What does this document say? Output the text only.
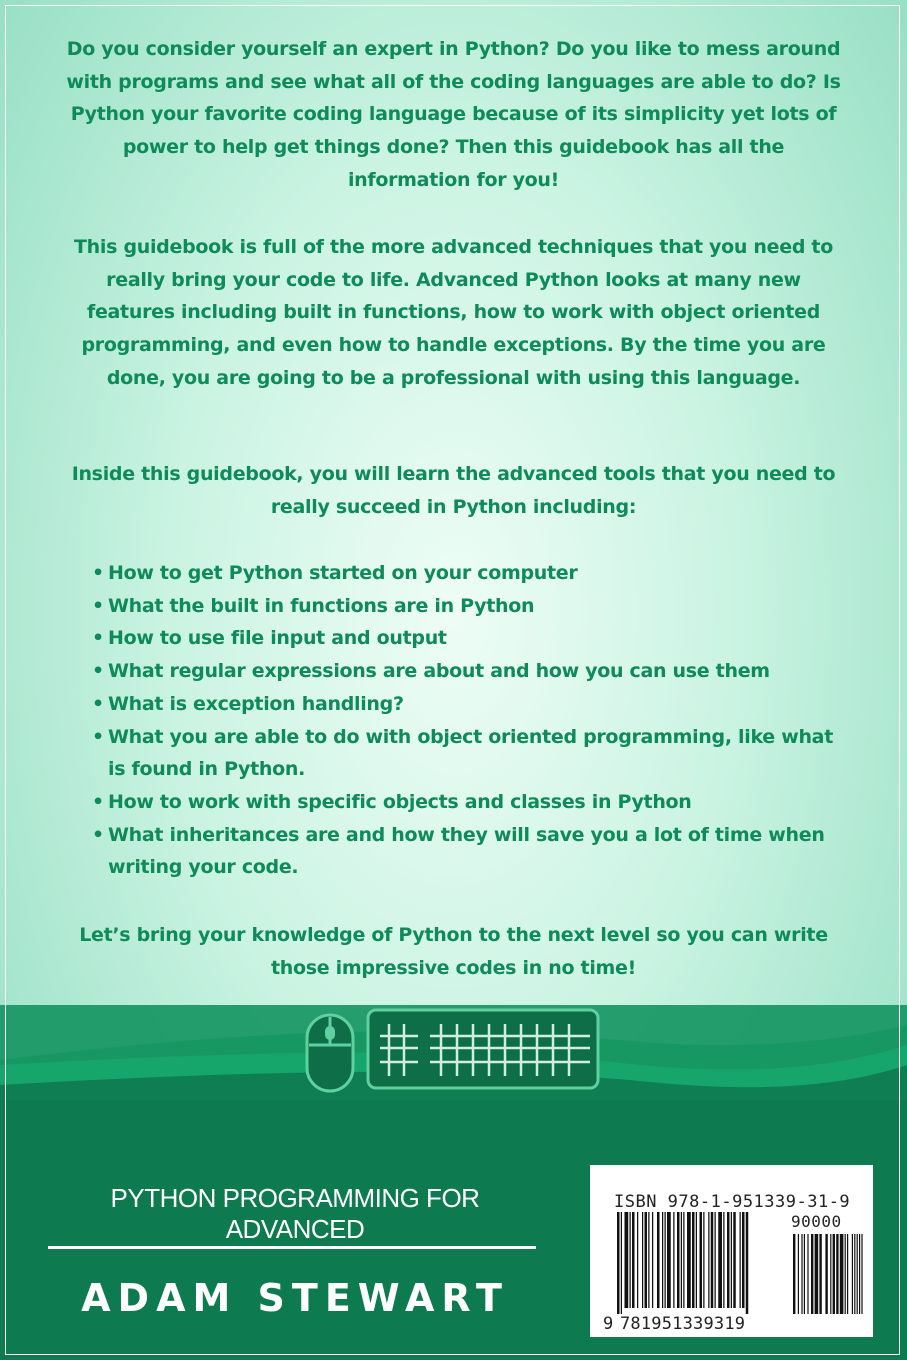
Do you consider yourself an expert in Python? Do you like to mess around with programs and see what all of the coding languages are able to do? Is Python your favorite coding language because of its simplicity yet lots of power to help get things done? Then this guidebook has all the information for you!

This guidebook is full of the more advanced techniques that you need to really bring your code to life. Advanced Python looks at many new features including built in functions, how to work with object oriented programming, and even how to handle exceptions. By the time you are done, you are going to be a professional with using this language.

Inside this guidebook, you will learn the advanced tools that you need to really succeed in Python including:

• How to get Python started on your computer
• What the built in functions are in Python
• How to use file input and output
• What regular expressions are about and how you can use them
• What is exception handling?
• What you are able to do with object oriented programming, like what is found in Python.
• How to work with specific objects and classes in Python
• What inheritances are and how they will save you a lot of time when writing your code.

Let’s bring your knowledge of Python to the next level so you can write those impressive codes in no time!

PYTHON PROGRAMMING FOR ADVANCED
ADAM STEWART
ISBN 978-1-951339-31-9
90000
9 781951339319
